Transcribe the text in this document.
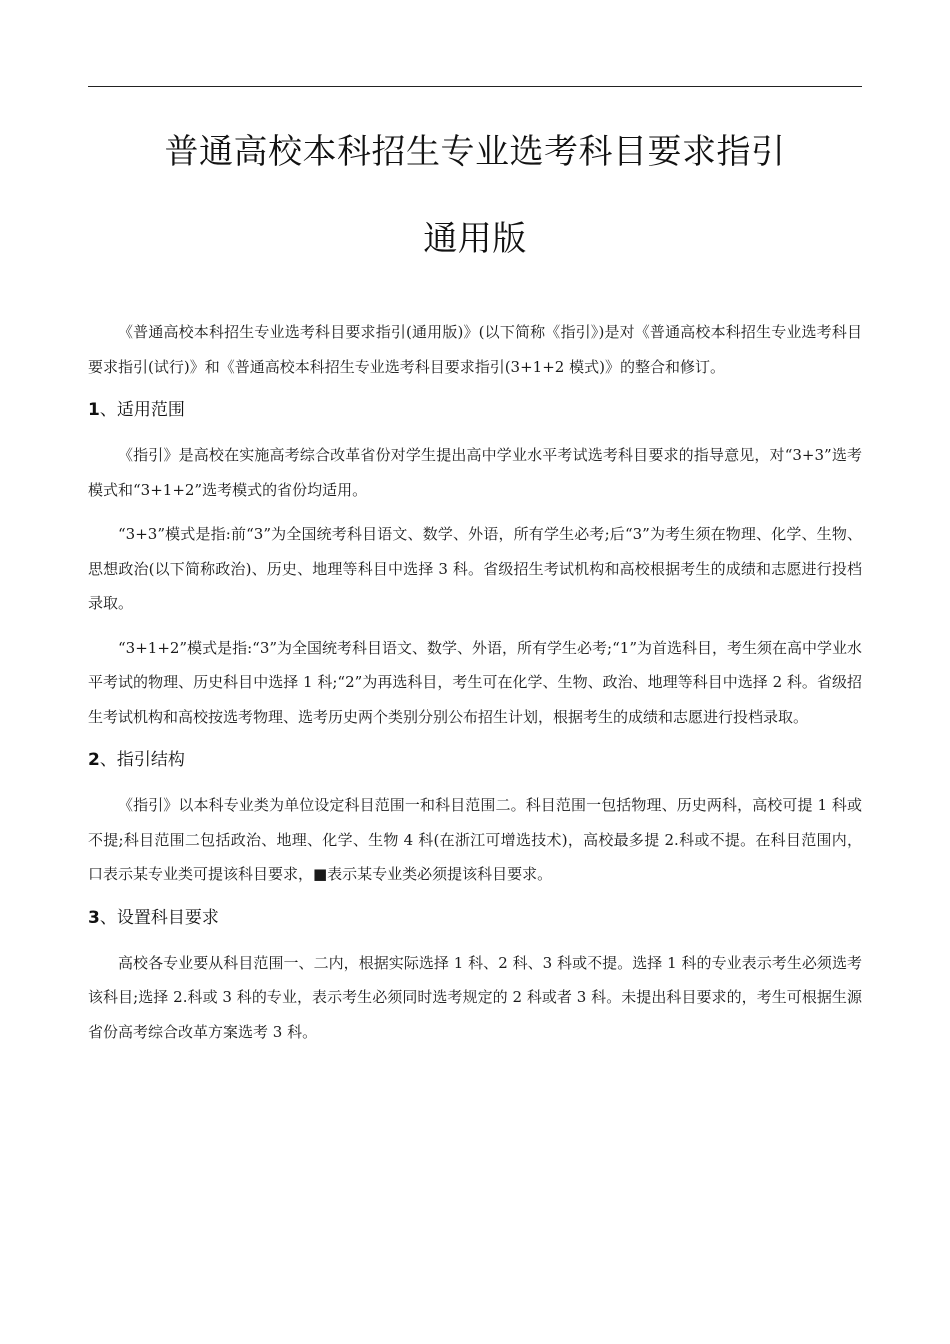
普通高校本科招生专业选考科目要求指引
通用版

《普通高校本科招生专业选考科目要求指引(通用版)》(以下简称《指引》)是对《普通高校本科招生专业选考科目要求指引(试行)》和《普通高校本科招生专业选考科目要求指引(3+1+2 模式)》的整合和修订。

1、适用范围

《指引》是高校在实施高考综合改革省份对学生提出高中学业水平考试选考科目要求的指导意见，对“3+3”选考模式和“3+1+2”选考模式的省份均适用。

“3+3”模式是指:前“3”为全国统考科目语文、数学、外语，所有学生必考;后“3”为考生须在物理、化学、生物、思想政治(以下简称政治)、历史、地理等科目中选择 3 科。省级招生考试机构和高校根据考生的成绩和志愿进行投档录取。

“3+1+2”模式是指:“3”为全国统考科目语文、数学、外语，所有学生必考;“1”为首选科目，考生须在高中学业水平考试的物理、历史科目中选择 1 科;“2”为再选科目，考生可在化学、生物、政治、地理等科目中选择 2 科。省级招生考试机构和高校按选考物理、选考历史两个类别分别公布招生计划，根据考生的成绩和志愿进行投档录取。

2、指引结构

《指引》以本科专业类为单位设定科目范围一和科目范围二。科目范围一包括物理、历史两科，高校可提 1 科或不提;科目范围二包括政治、地理、化学、生物 4 科(在浙江可增选技术)，高校最多提 2.科或不提。在科目范围内，口表示某专业类可提该科目要求，■表示某专业类必须提该科目要求。

3、设置科目要求

高校各专业要从科目范围一、二内，根据实际选择 1 科、2 科、3 科或不提。选择 1 科的专业表示考生必须选考该科目;选择 2.科或 3 科的专业，表示考生必须同时选考规定的 2 科或者 3 科。未提出科目要求的，考生可根据生源省份高考综合改革方案选考 3 科。
